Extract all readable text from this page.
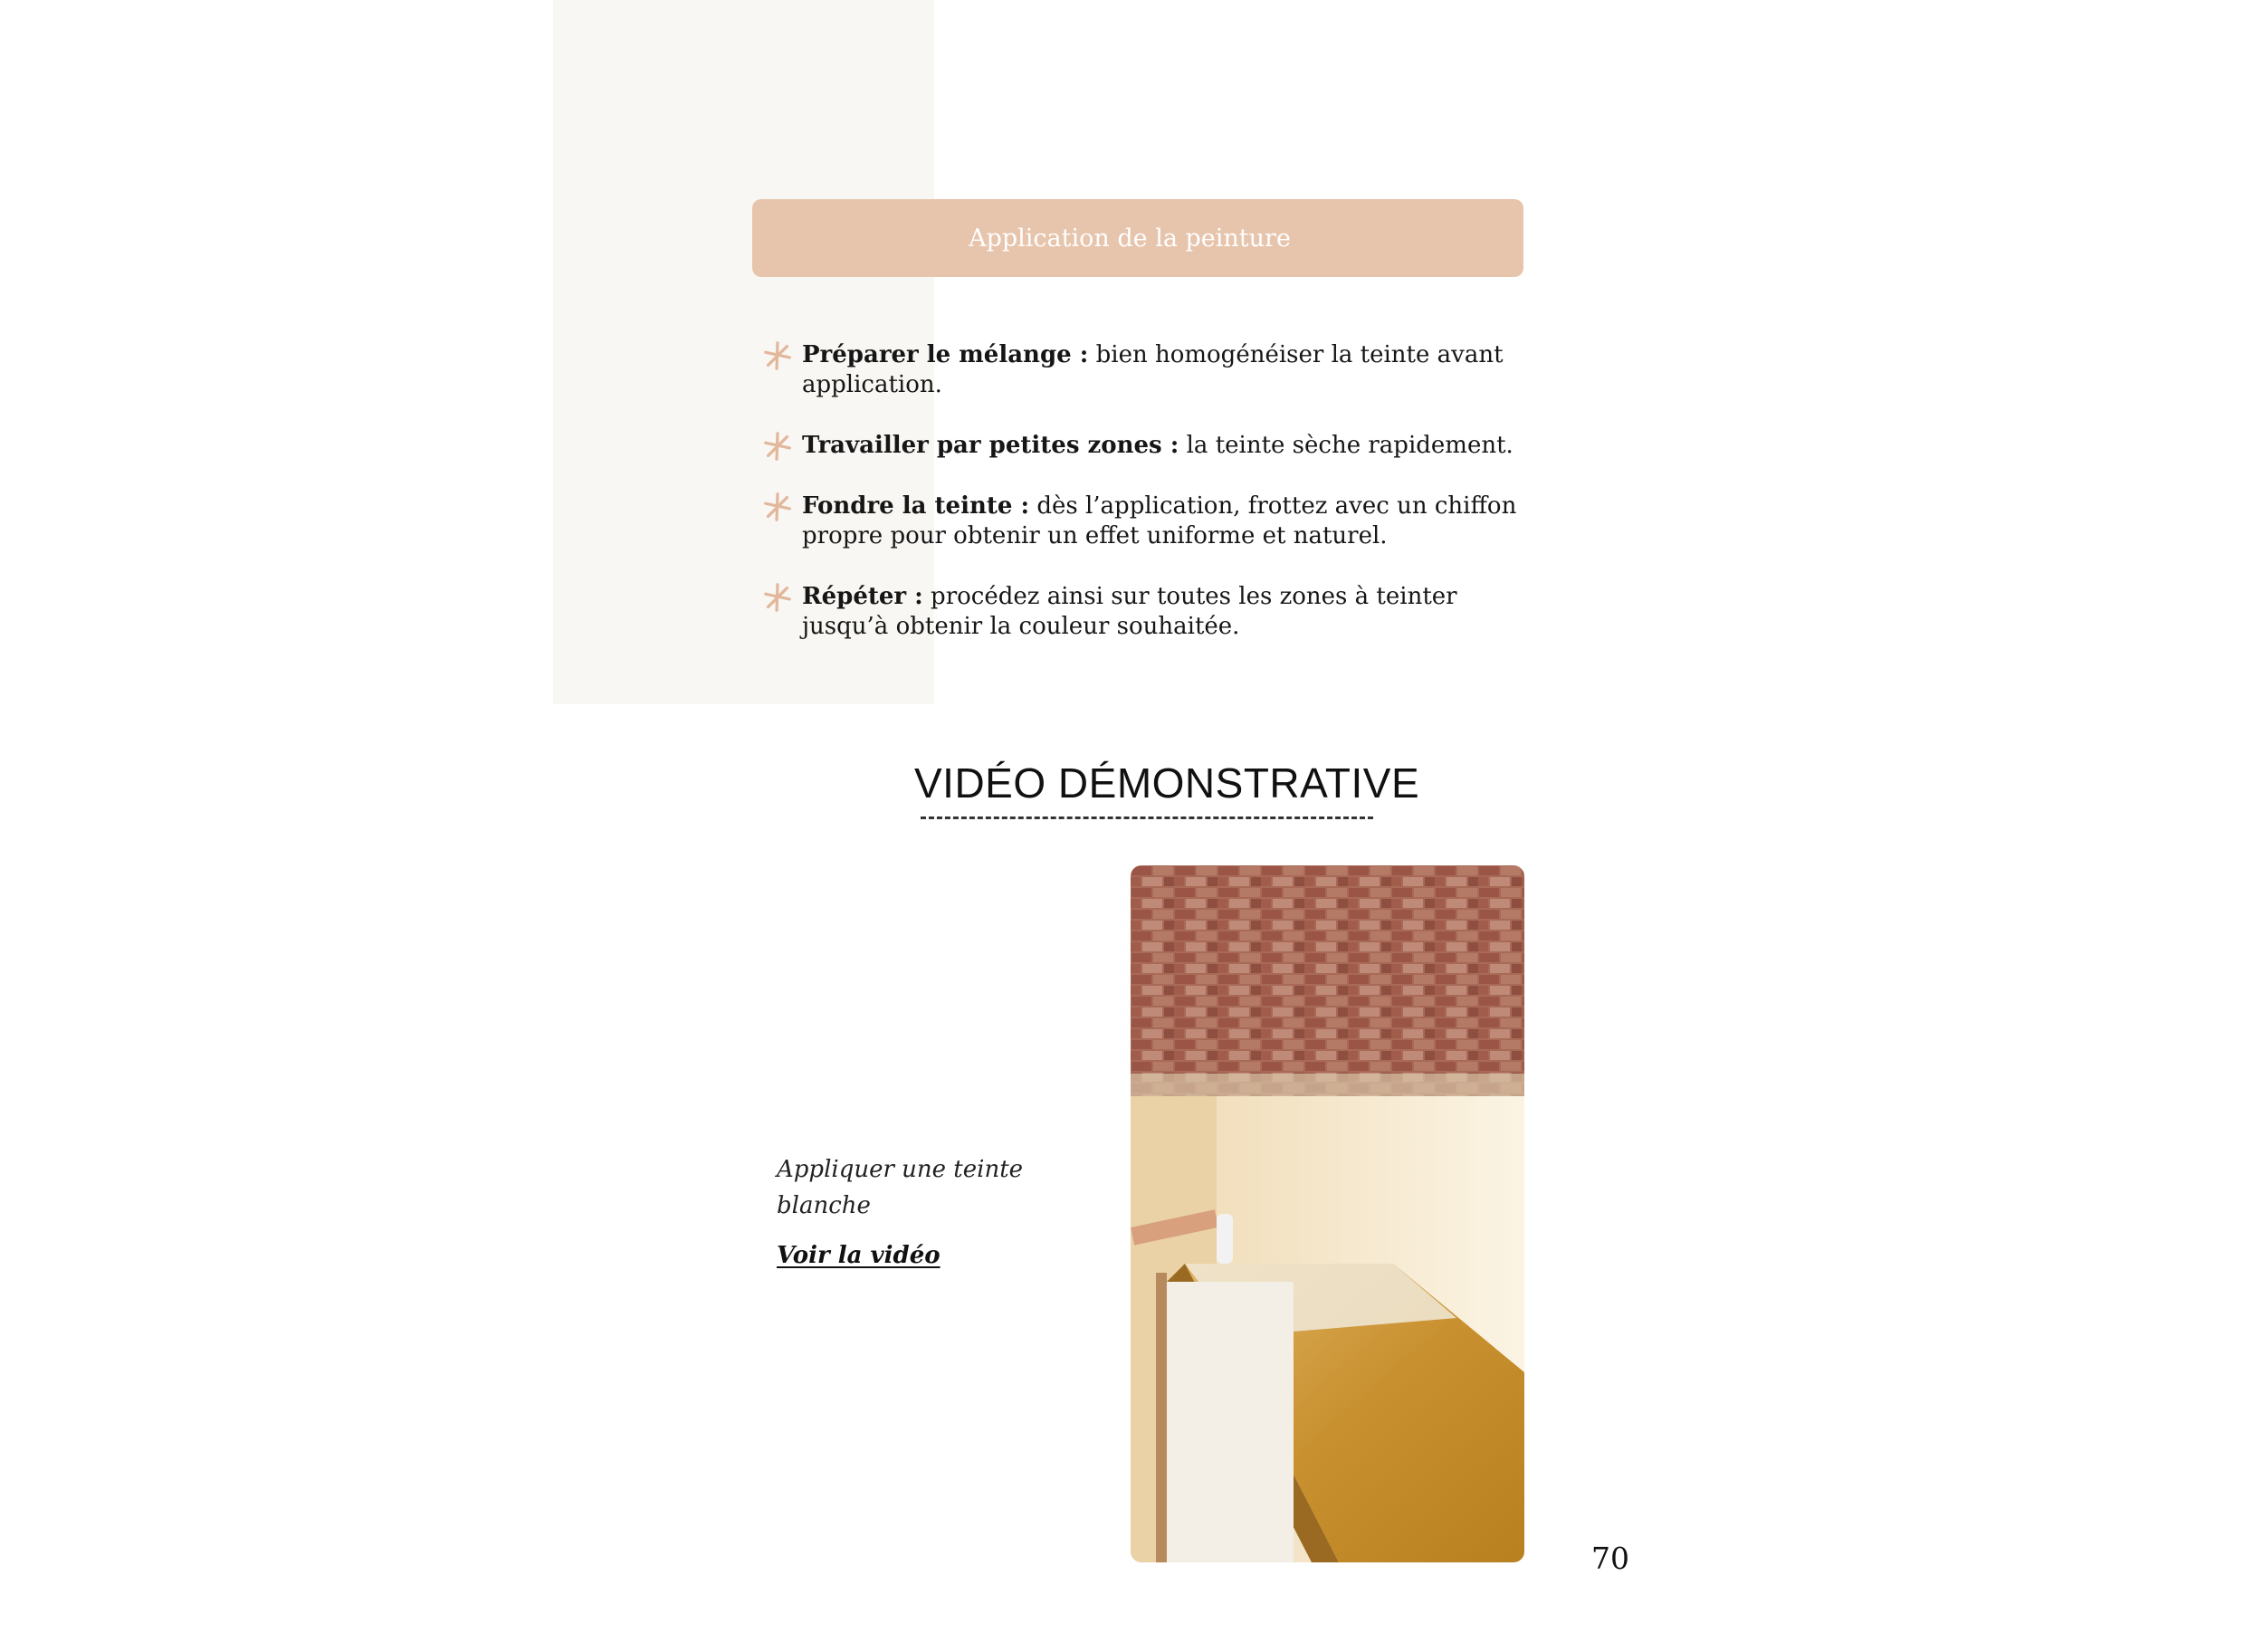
Application de la peinture
Préparer le mélange : bien homogénéiser la teinte avant application.
Travailler par petites zones : la teinte sèche rapidement.
Fondre la teinte : dès l’application, frottez avec un chiffon propre pour obtenir un effet uniforme et naturel.
Répéter : procédez ainsi sur toutes les zones à teinter jusqu’à obtenir la couleur souhaitée.
VIDÉO DÉMONSTRATIVE
Appliquer une teinte blanche
Voir la vidéo
70
